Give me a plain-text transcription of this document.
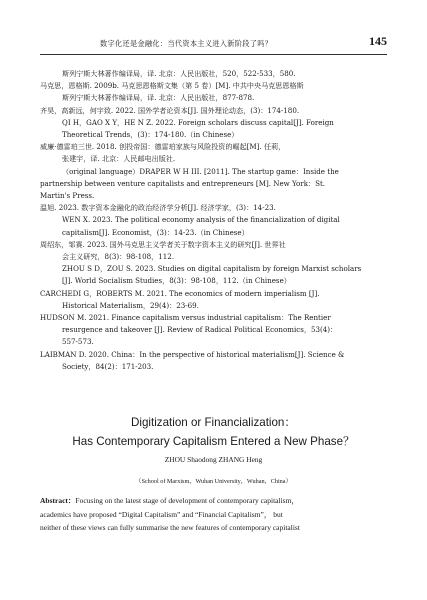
数字化还是金融化：当代资本主义进入新阶段了吗？	145

斯列宁斯大林著作编译局，译. 北京：人民出版社，520，522-533，580.

马克思，恩格斯. 2009b. 马克思恩格斯文集（第 5 卷）[M]. 中共中央马克思恩格斯

斯列宁斯大林著作编译局，译. 北京：人民出版社，877-878.

齐昊，高新远，何宇致. 2022. 国外学者论资本[J]. 国外理论动态，(3)：174-180.

QI H，GAO X Y，HE N Z. 2022. Foreign scholars discuss capital[J]. Foreign

Theoretical Trends，(3)：174-180.（in Chinese）

威廉·德雷珀三世. 2018. 创投帝国：德雷珀家族与风险投资的崛起[M]. 任莉，

张建宇，译. 北京：人民邮电出版社.

（original language）DRAPER W H III. [2011]. The startup game：Inside the

partnership between venture capitalists and entrepreneurs [M]. New York：St.

Martin's Press.

温旭. 2023. 数字资本金融化的政治经济学分析[J]. 经济学家，(3)：14-23.

WEN X. 2023. The political economy analysis of the financialization of digital

capitalism[J]. Economist，(3)：14-23.（in Chinese）

周绍东，邹赛. 2023. 国外马克思主义学者关于数字资本主义的研究[J]. 世界社

会主义研究，8(3)：98-108，112.

ZHOU S D，ZOU S. 2023. Studies on digital capitalism by foreign Marxist scholars

[J]. World Socialism Studies，8(3)：98-108，112.（in Chinese）

CARCHEDI G，ROBERTS M. 2021. The economics of modern imperialism [J].

Historical Materialism，29(4)：23-69.

HUDSON M. 2021. Finance capitalism versus industrial capitalism：The Rentier

resurgence and takeover [J]. Review of Radical Political Economics，53(4)：

557-573.

LAIBMAN D. 2020. China：In the perspective of historical materialism[J]. Science &

Society，84(2)：171-203.

Digitization or Financialization：
Has Contemporary Capitalism Entered a New Phase？
ZHOU Shaodong ZHANG Heng
（School of Marxism，Wuhan University，Wuhan，China）

Abstract：Focusing on the latest stage of development of contemporary capitalism，

academics have proposed “Digital Capitalism” and “Financial Capitalism”， but

neither of these views can fully summarise the new features of contemporary capitalist
